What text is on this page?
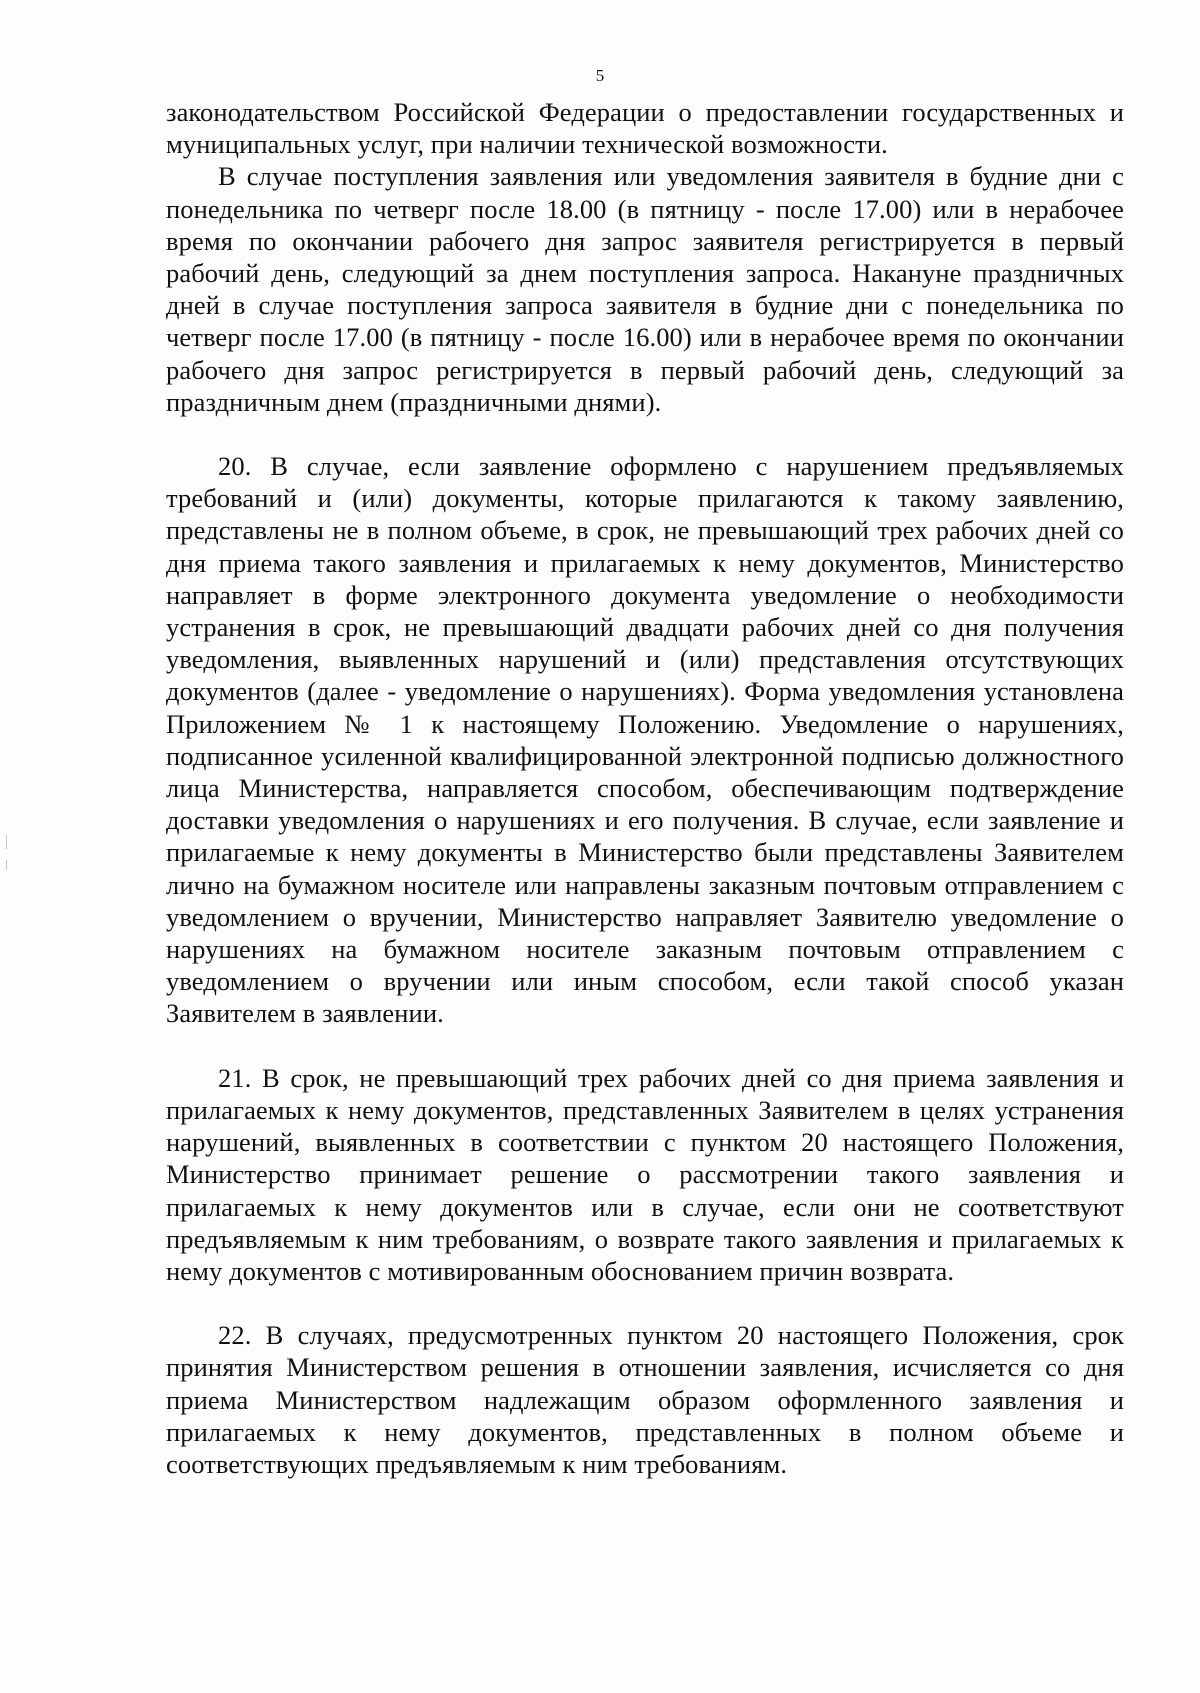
5

законодательством Российской Федерации о предоставлении государственных и муниципальных услуг, при наличии технической возможности.

В случае поступления заявления или уведомления заявителя в будние дни с понедельника по четверг после 18.00 (в пятницу - после 17.00) или в нерабочее время по окончании рабочего дня запрос заявителя регистрируется в первый рабочий день, следующий за днем поступления запроса. Накануне праздничных дней в случае поступления запроса заявителя в будние дни с понедельника по четверг после 17.00 (в пятницу - после 16.00) или в нерабочее время по окончании рабочего дня запрос регистрируется в первый рабочий день, следующий за праздничным днем (праздничными днями).

20. В случае, если заявление оформлено с нарушением предъявляемых требований и (или) документы, которые прилагаются к такому заявлению, представлены не в полном объеме, в срок, не превышающий трех рабочих дней со дня приема такого заявления и прилагаемых к нему документов, Министерство направляет в форме электронного документа уведомление о необходимости устранения в срок, не превышающий двадцати рабочих дней со дня получения уведомления, выявленных нарушений и (или) представления отсутствующих документов (далее - уведомление о нарушениях). Форма уведомления установлена Приложением № 1 к настоящему Положению. Уведомление о нарушениях, подписанное усиленной квалифицированной электронной подписью должностного лица Министерства, направляется способом, обеспечивающим подтверждение доставки уведомления о нарушениях и его получения. В случае, если заявление и прилагаемые к нему документы в Министерство были представлены Заявителем лично на бумажном носителе или направлены заказным почтовым отправлением с уведомлением о вручении, Министерство направляет Заявителю уведомление о нарушениях на бумажном носителе заказным почтовым отправлением с уведомлением о вручении или иным способом, если такой способ указан Заявителем в заявлении.

21. В срок, не превышающий трех рабочих дней со дня приема заявления и прилагаемых к нему документов, представленных Заявителем в целях устранения нарушений, выявленных в соответствии с пунктом 20 настоящего Положения, Министерство принимает решение о рассмотрении такого заявления и прилагаемых к нему документов или в случае, если они не соответствуют предъявляемым к ним требованиям, о возврате такого заявления и прилагаемых к нему документов с мотивированным обоснованием причин возврата.

22. В случаях, предусмотренных пунктом 20 настоящего Положения, срок принятия Министерством решения в отношении заявления, исчисляется со дня приема Министерством надлежащим образом оформленного заявления и прилагаемых к нему документов, представленных в полном объеме и соответствующих предъявляемым к ним требованиям.
